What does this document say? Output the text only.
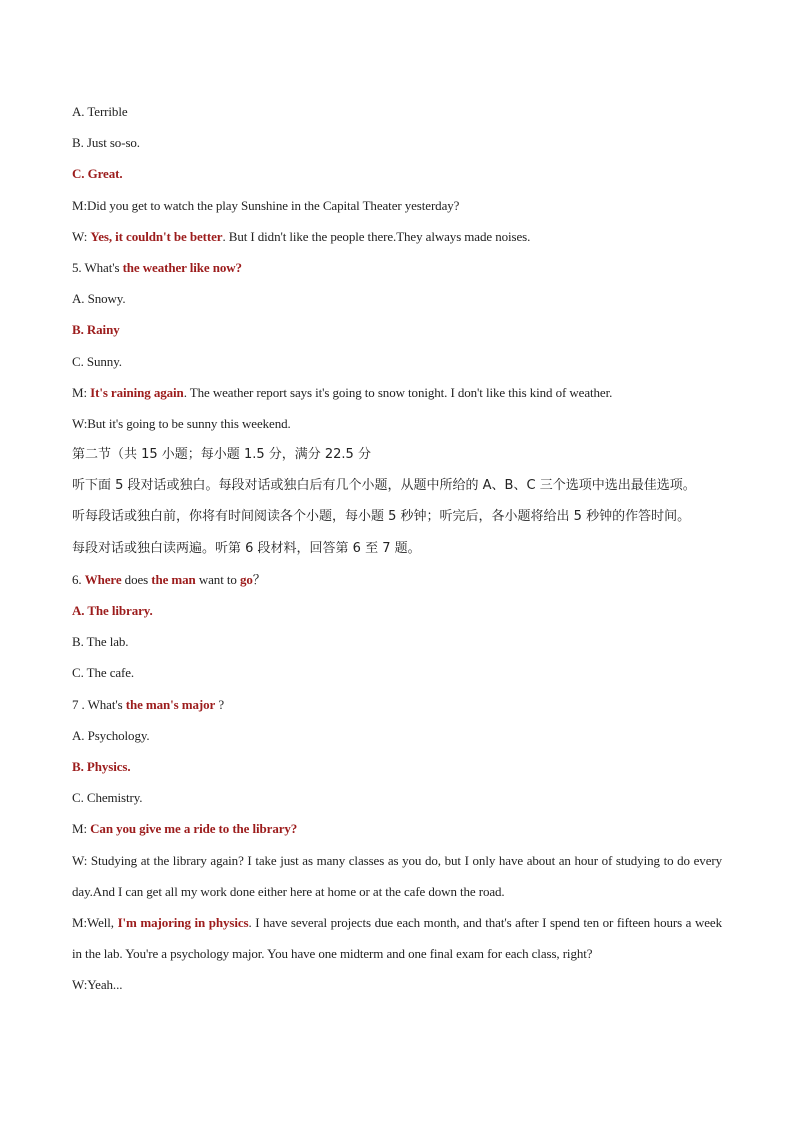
A. Terrible
B. Just so-so.
C. Great.
M:Did you get to watch the play Sunshine in the Capital Theater yesterday?
W: Yes, it couldn't be better. But I didn't like the people there.They always made noises.
5. What's the weather like now?
A. Snowy.
B. Rainy
C. Sunny.
M: It's raining again. The weather report says it's going to snow tonight. I don't like this kind of weather.
W:But it's going to be sunny this weekend.
第二节（共 15 小题；每小题 1.5 分，满分 22.5 分
听下面 5 段对话或独白。每段对话或独白后有几个小题，从题中所给的 A、B、C 三个选项中选出最佳选项。
听每段话或独白前，你将有时间阅读各个小题，每小题 5 秒钟；听完后，各小题将给出 5 秒钟的作答时间。
每段对话或独白读两遍。听第 6 段材料，回答第 6 至 7 题。
6. Where does the man want to go？
A. The library.
B. The lab.
C. The cafe.
7 . What's the man's major ?
A. Psychology.
B. Physics.
C. Chemistry.
M: Can you give me a ride to the library?
W: Studying at the library again? I take just as many classes as you do, but I only have about an hour of studying to do every day.And I can get all my work done either here at home or at the cafe down the road.
M:Well, I'm majoring in physics. I have several projects due each month, and that's after I spend ten or fifteen hours a week in the lab. You're a psychology major. You have one midterm and one final exam for each class, right?
W:Yeah...
